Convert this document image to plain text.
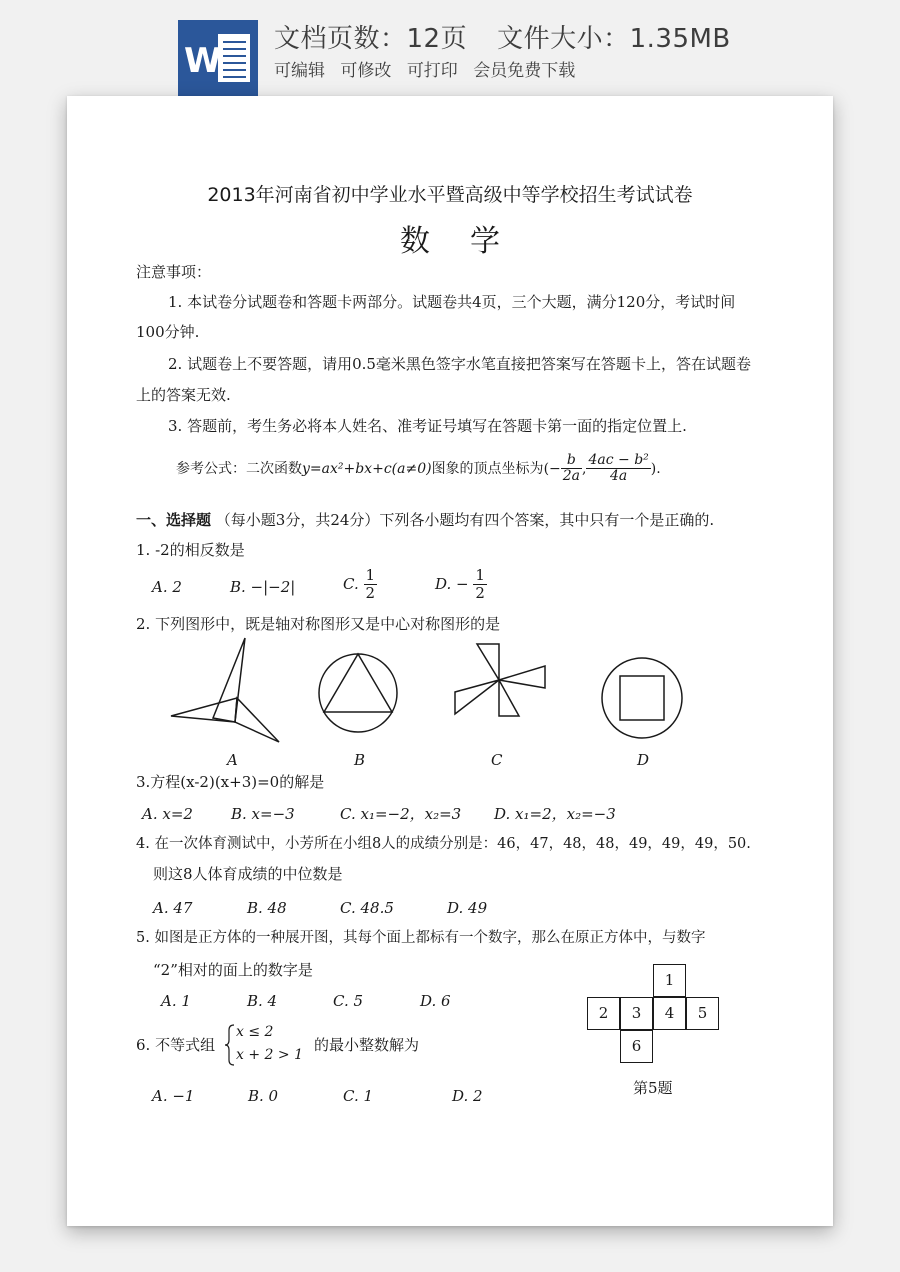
W
文档页数：12页 文件大小：1.35MB
可编辑 可修改 可打印 会员免费下载
2013年河南省初中学业水平暨高级中等学校招生考试试卷
数学
注意事项：
1. 本试卷分试题卷和答题卡两部分。试题卷共4页，三个大题，满分120分，考试时间
100分钟.
2. 试题卷上不要答题，请用0.5毫米黑色签字水笔直接把答案写在答题卡上，答在试题卷
上的答案无效.
3. 答题前，考生务必将本人姓名、准考证号填写在答题卡第一面的指定位置上.
参考公式：二次函数y=ax²+bx+c(a≠0)图象的顶点坐标为(− $\frac{b}{2a}$ , $\frac{\text{4ac − b²}}{4a}$ ).
一、选择题 （每小题3分，共24分）下列各小题均有四个答案，其中只有一个是正确的.
1. -2的相反数是
A. 2	B. −|−2|	C. $\frac{1}{2}$	D. − $\frac{1}{2}$
2. 下列图形中，既是轴对称图形又是中心对称图形的是
A	B	C	D
3.方程(x-2)(x+3)=0的解是
A. x=2	B. x=−3	C. x₁=−2，x₂=3 D. x₁=2，x₂=−3
4. 在一次体育测试中，小芳所在小组8人的成绩分别是：46，47，48，48，49，49，49，50.
则这8人体育成绩的中位数是
A. 47	B. 48	C. 48.5	D. 49
5. 如图是正方体的一种展开图，其每个面上都标有一个数字，那么在原正方体中，与数字
“2”相对的面上的数字是
A. 1	B. 4	C. 5	D. 6
1
2	3	4	5
6
第5题
6. 不等式组
x ≤ 2
x + 2 > 1
的最小整数解为
A. −1	B. 0	C. 1	D. 2
